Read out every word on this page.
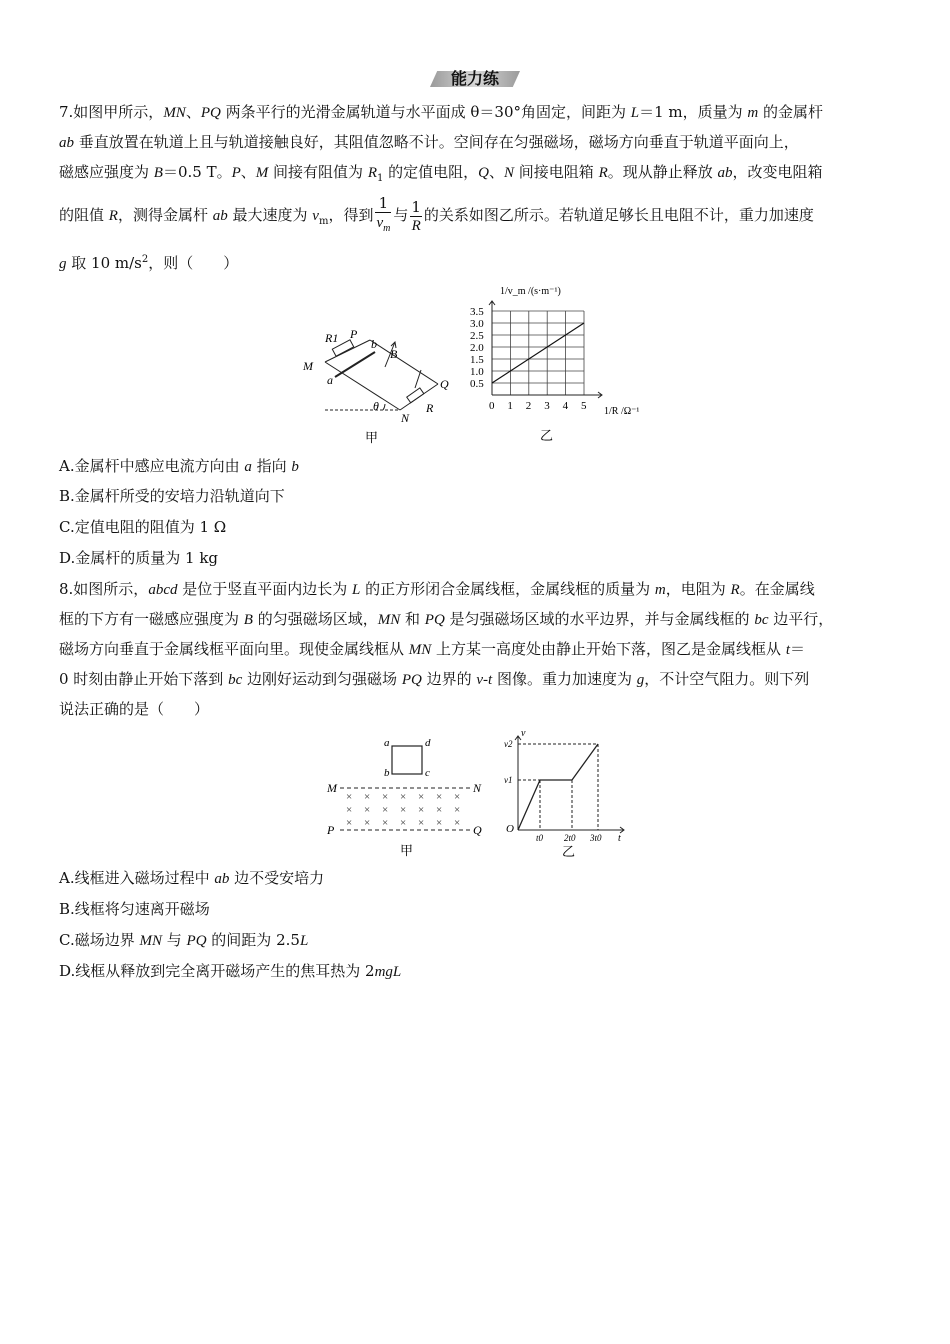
能力练
7.如图甲所示，MN、PQ 两条平行的光滑金属轨道与水平面成 θ＝30°角固定，间距为 L＝1 m，质量为 m 的金属杆
ab 垂直放置在轨道上且与轨道接触良好，其阻值忽略不计。空间存在匀强磁场，磁场方向垂直于轨道平面向上，
磁感应强度为 B＝0.5 T。P、M 间接有阻值为 $R_1$ 的定值电阻，Q、N 间接电阻箱 R。现从静止释放 ab，改变电阻箱
的阻值 R，测得金属杆 ab 最大速度为 $v_m$，得到 $\frac{1}{v_m}$ 与 $\frac{1}{R}$ 的关系如图乙所示。若轨道足够长且电阻不计，重力加速度
g 取 10 $m/s^2$，则（　　）
R1 P
b
B
M
a	Q
θ	R
N
甲
0 1 2 3 4 5
0.5
1.0
1.5
2.0
2.5
3.0
3.5
1/v_m /(s·m⁻¹)
1/R /Ω⁻¹
乙
A.金属杆中感应电流方向由 a 指向 b
B.金属杆所受的安培力沿轨道向下
C.定值电阻的阻值为 1 Ω
D.金属杆的质量为 1 kg
8.如图所示，abcd 是位于竖直平面内边长为 L 的正方形闭合金属线框，金属线框的质量为 m，电阻为 R。在金属线
框的下方有一磁感应强度为 B 的匀强磁场区域，MN 和 PQ 是匀强磁场区域的水平边界，并与金属线框的 bc 边平行，
磁场方向垂直于金属线框平面向里。现使金属线框从 MN 上方某一高度处由静止开始下落，图乙是金属线框从 t＝
0 时刻由静止开始下落到 bc 边刚好运动到匀强磁场 PQ 边界的 v-t 图像。重力加速度为 g，不计空气阻力。则下列
说法正确的是（　　）
× × × × × × ×
× × × × × × ×
× × × × × × ×
a	d
b	c
M	N
P	Q
甲
v
v2
v1
O
t0 2t0 3t0 t
乙
A.线框进入磁场过程中 ab 边不受安培力
B.线框将匀速离开磁场
C.磁场边界 MN 与 PQ 的间距为 2.5L
D.线框从释放到完全离开磁场产生的焦耳热为 2mgL
